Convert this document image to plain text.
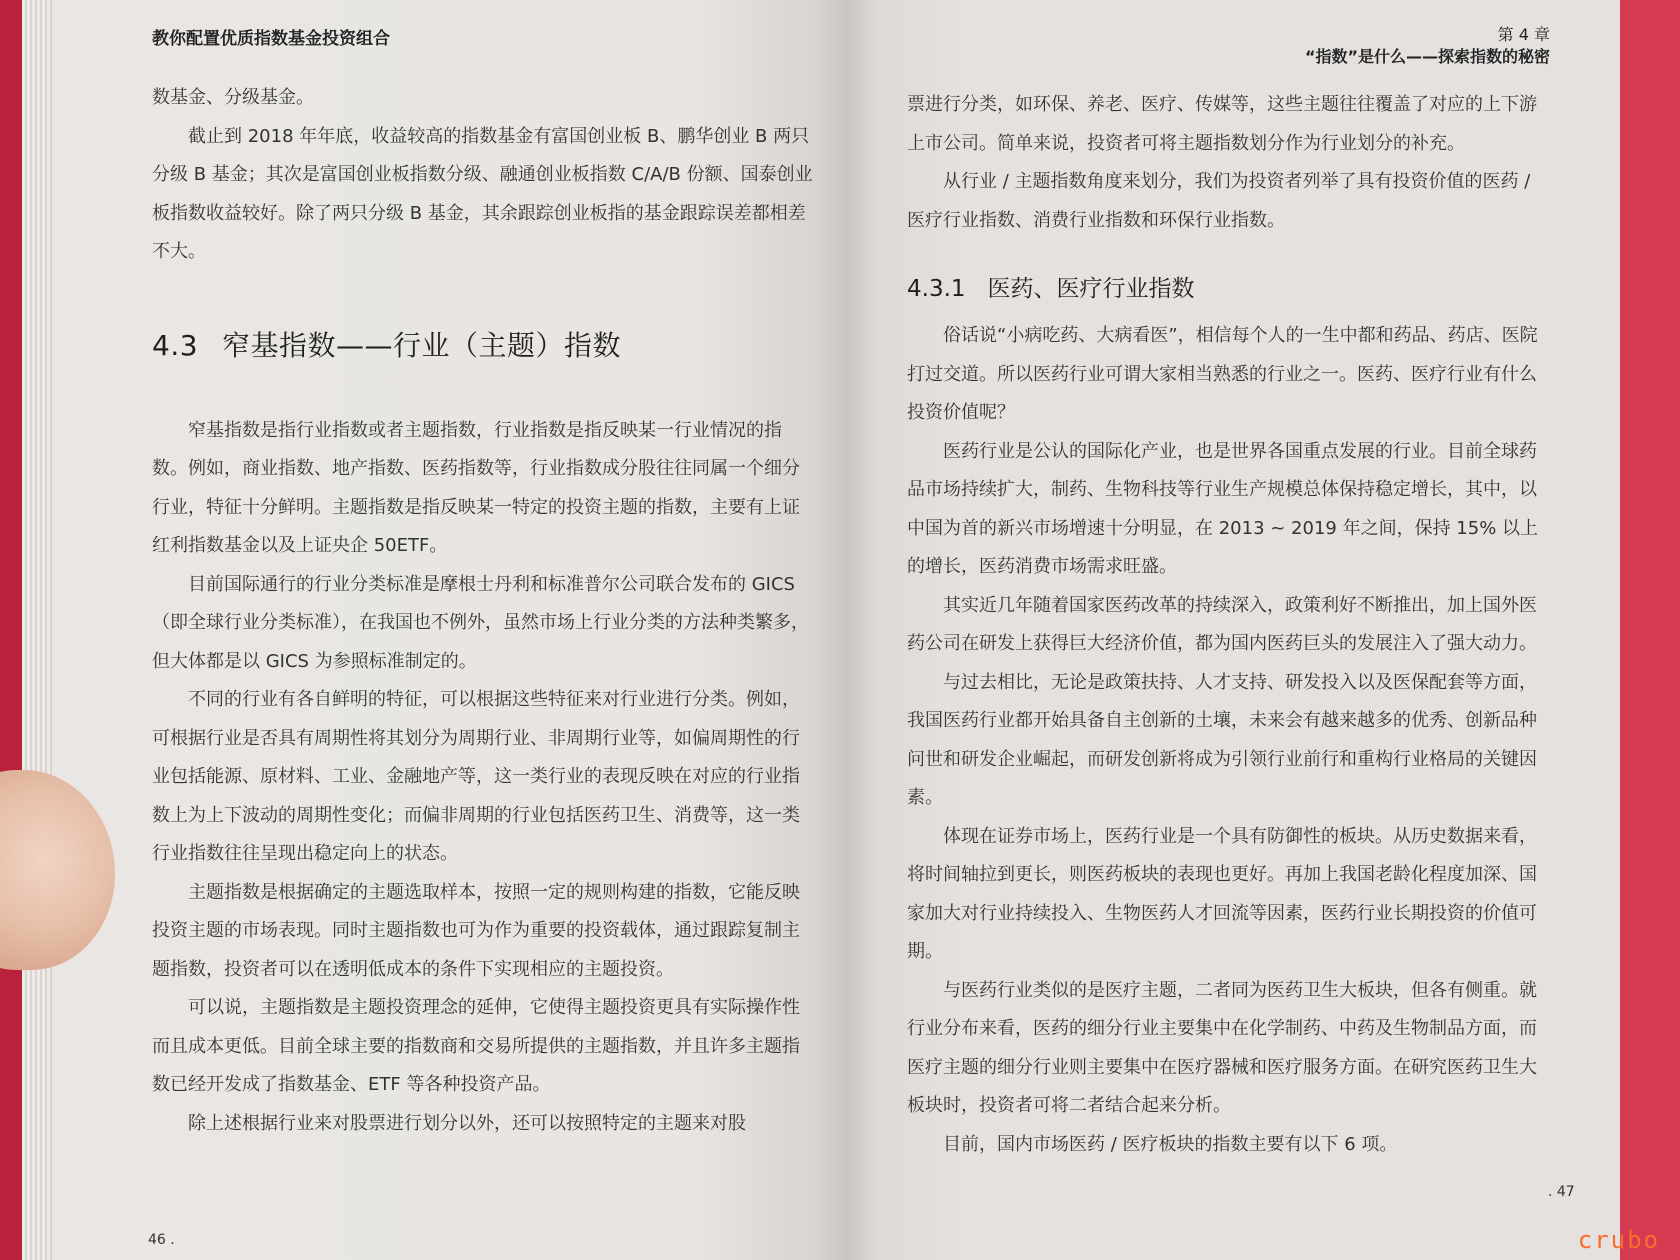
教你配置优质指数基金投资组合

数基金、分级基金。

截止到 2018 年年底，收益较高的指数基金有富国创业板 B、鹏华创业 B 两只分级 B 基金；其次是富国创业板指数分级、融通创业板指数 C/A/B 份额、国泰创业板指数收益较好。除了两只分级 B 基金，其余跟踪创业板指的基金跟踪误差都相差不大。

4.3 窄基指数——行业（主题）指数

窄基指数是指行业指数或者主题指数，行业指数是指反映某一行业情况的指数。例如，商业指数、地产指数、医药指数等，行业指数成分股往往同属一个细分行业，特征十分鲜明。主题指数是指反映某一特定的投资主题的指数，主要有上证红利指数基金以及上证央企 50ETF。

目前国际通行的行业分类标准是摩根士丹利和标准普尔公司联合发布的 GICS（即全球行业分类标准），在我国也不例外，虽然市场上行业分类的方法种类繁多，但大体都是以 GICS 为参照标准制定的。

不同的行业有各自鲜明的特征，可以根据这些特征来对行业进行分类。例如，可根据行业是否具有周期性将其划分为周期行业、非周期行业等，如偏周期性的行业包括能源、原材料、工业、金融地产等，这一类行业的表现反映在对应的行业指数上为上下波动的周期性变化；而偏非周期的行业包括医药卫生、消费等，这一类行业指数往往呈现出稳定向上的状态。

主题指数是根据确定的主题选取样本，按照一定的规则构建的指数，它能反映投资主题的市场表现。同时主题指数也可为作为重要的投资载体，通过跟踪复制主题指数，投资者可以在透明低成本的条件下实现相应的主题投资。

可以说，主题指数是主题投资理念的延伸，它使得主题投资更具有实际操作性而且成本更低。目前全球主要的指数商和交易所提供的主题指数，并且许多主题指数已经开发成了指数基金、ETF 等各种投资产品。

除上述根据行业来对股票进行划分以外，还可以按照特定的主题来对股

第 4 章
“指数”是什么——探索指数的秘密

票进行分类，如环保、养老、医疗、传媒等，这些主题往往覆盖了对应的上下游上市公司。简单来说，投资者可将主题指数划分作为行业划分的补充。

从行业 / 主题指数角度来划分，我们为投资者列举了具有投资价值的医药 / 医疗行业指数、消费行业指数和环保行业指数。

4.3.1 医药、医疗行业指数

俗话说“小病吃药、大病看医”，相信每个人的一生中都和药品、药店、医院打过交道。所以医药行业可谓大家相当熟悉的行业之一。医药、医疗行业有什么投资价值呢？

医药行业是公认的国际化产业，也是世界各国重点发展的行业。目前全球药品市场持续扩大，制药、生物科技等行业生产规模总体保持稳定增长，其中，以中国为首的新兴市场增速十分明显，在 2013 ~ 2019 年之间，保持 15% 以上的增长，医药消费市场需求旺盛。

其实近几年随着国家医药改革的持续深入，政策利好不断推出，加上国外医药公司在研发上获得巨大经济价值，都为国内医药巨头的发展注入了强大动力。

与过去相比，无论是政策扶持、人才支持、研发投入以及医保配套等方面，我国医药行业都开始具备自主创新的土壤，未来会有越来越多的优秀、创新品种问世和研发企业崛起，而研发创新将成为引领行业前行和重构行业格局的关键因素。

体现在证券市场上，医药行业是一个具有防御性的板块。从历史数据来看，将时间轴拉到更长，则医药板块的表现也更好。再加上我国老龄化程度加深、国家加大对行业持续投入、生物医药人才回流等因素，医药行业长期投资的价值可期。

与医药行业类似的是医疗主题，二者同为医药卫生大板块，但各有侧重。就行业分布来看，医药的细分行业主要集中在化学制药、中药及生物制品方面，而医疗主题的细分行业则主要集中在医疗器械和医疗服务方面。在研究医药卫生大板块时，投资者可将二者结合起来分析。

目前，国内市场医药 / 医疗板块的指数主要有以下 6 项。

46 .
. 47
crubo
